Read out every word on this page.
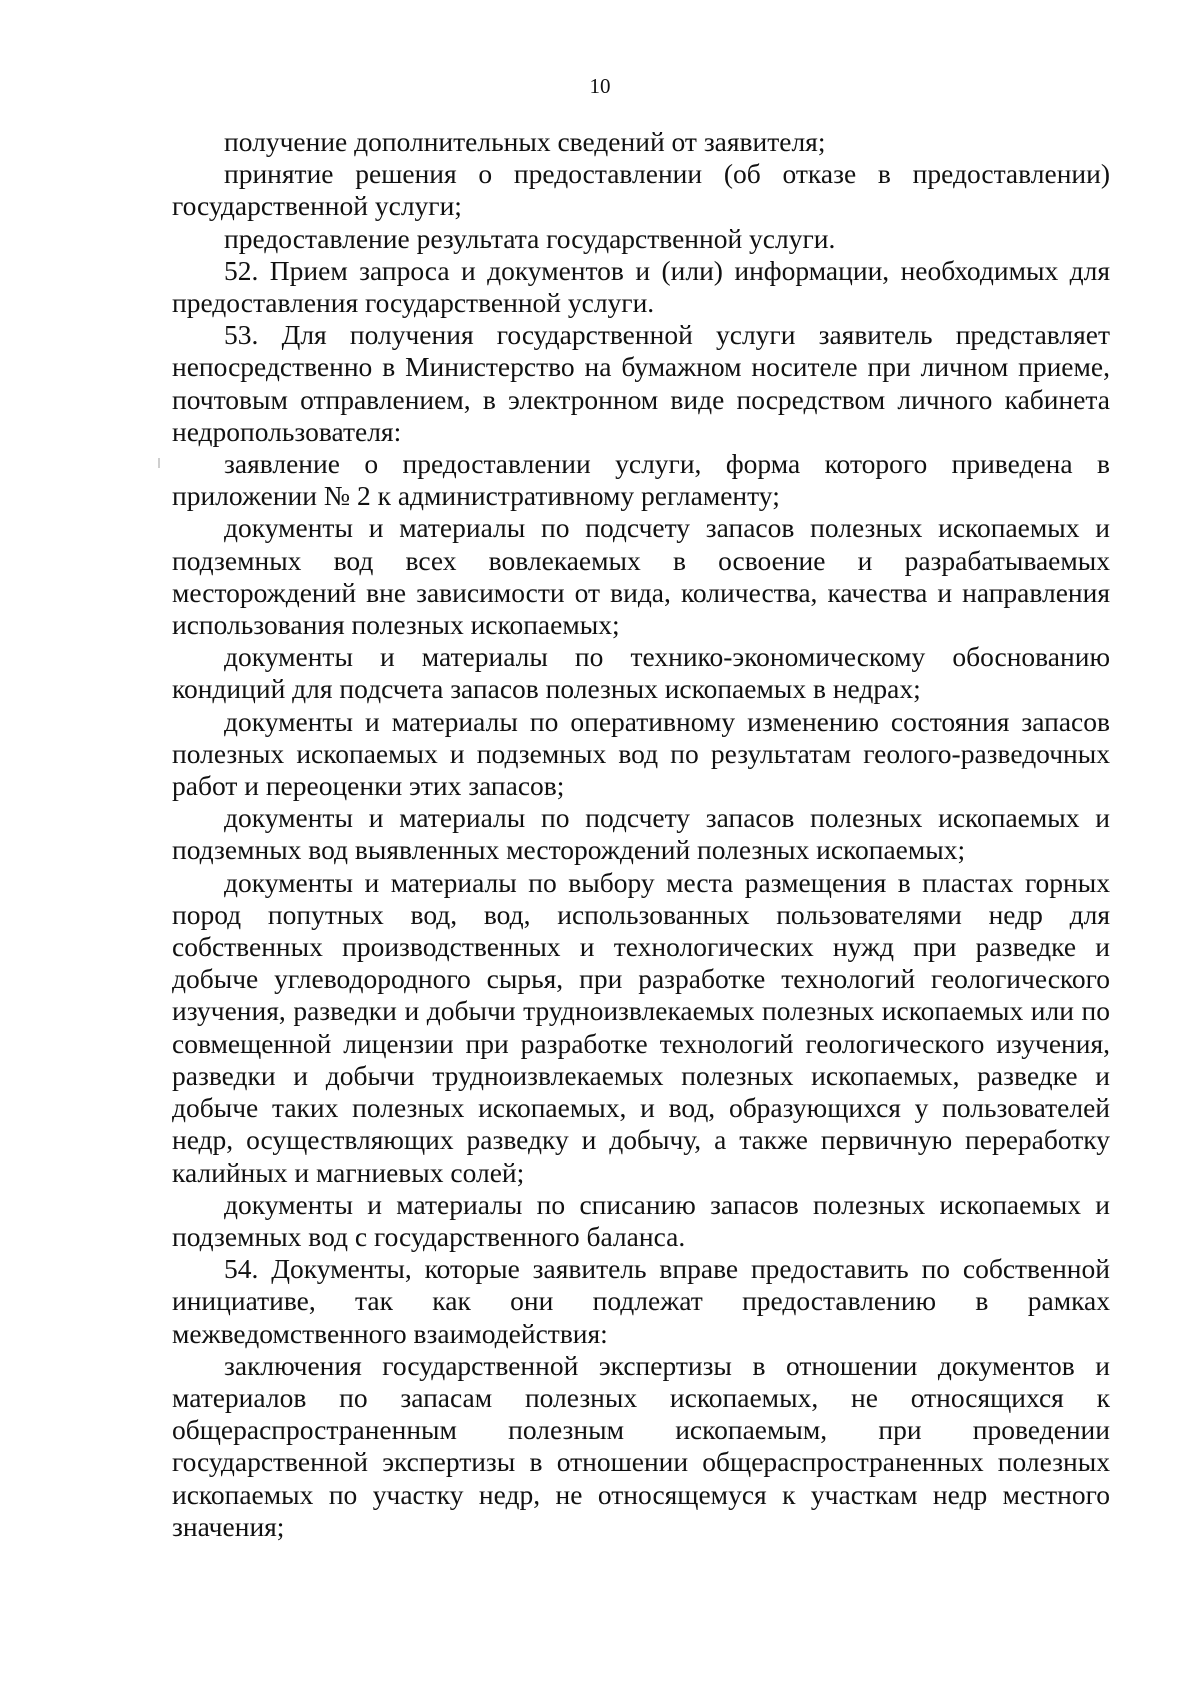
10

получение дополнительных сведений от заявителя;

принятие решения о предоставлении (об отказе в предоставлении) государственной услуги;

предоставление результата государственной услуги.

52. Прием запроса и документов и (или) информации, необходимых для предоставления государственной услуги.

53. Для получения государственной услуги заявитель представляет непосредственно в Министерство на бумажном носителе при личном приеме, почтовым отправлением, в электронном виде посредством личного кабинета недропользователя:

заявление о предоставлении услуги, форма которого приведена в приложении № 2 к административному регламенту;

документы и материалы по подсчету запасов полезных ископаемых и подземных вод всех вовлекаемых в освоение и разрабатываемых месторождений вне зависимости от вида, количества, качества и направления использования полезных ископаемых;

документы и материалы по технико-экономическому обоснованию кондиций для подсчета запасов полезных ископаемых в недрах;

документы и материалы по оперативному изменению состояния запасов полезных ископаемых и подземных вод по результатам геолого-разведочных работ и переоценки этих запасов;

документы и материалы по подсчету запасов полезных ископаемых и подземных вод выявленных месторождений полезных ископаемых;

документы и материалы по выбору места размещения в пластах горных пород попутных вод, вод, использованных пользователями недр для собственных производственных и технологических нужд при разведке и добыче углеводородного сырья, при разработке технологий геологического изучения, разведки и добычи трудноизвлекаемых полезных ископаемых или по совмещенной лицензии при разработке технологий геологического изучения, разведки и добычи трудноизвлекаемых полезных ископаемых, разведке и добыче таких полезных ископаемых, и вод, образующихся у пользователей недр, осуществляющих разведку и добычу, а также первичную переработку калийных и магниевых солей;

документы и материалы по списанию запасов полезных ископаемых и подземных вод с государственного баланса.

54. Документы, которые заявитель вправе предоставить по собственной инициативе, так как они подлежат предоставлению в рамках межведомственного взаимодействия:

заключения государственной экспертизы в отношении документов и материалов по запасам полезных ископаемых, не относящихся к общераспространенным полезным ископаемым, при проведении государственной экспертизы в отношении общераспространенных полезных ископаемых по участку недр, не относящемуся к участкам недр местного значения;
